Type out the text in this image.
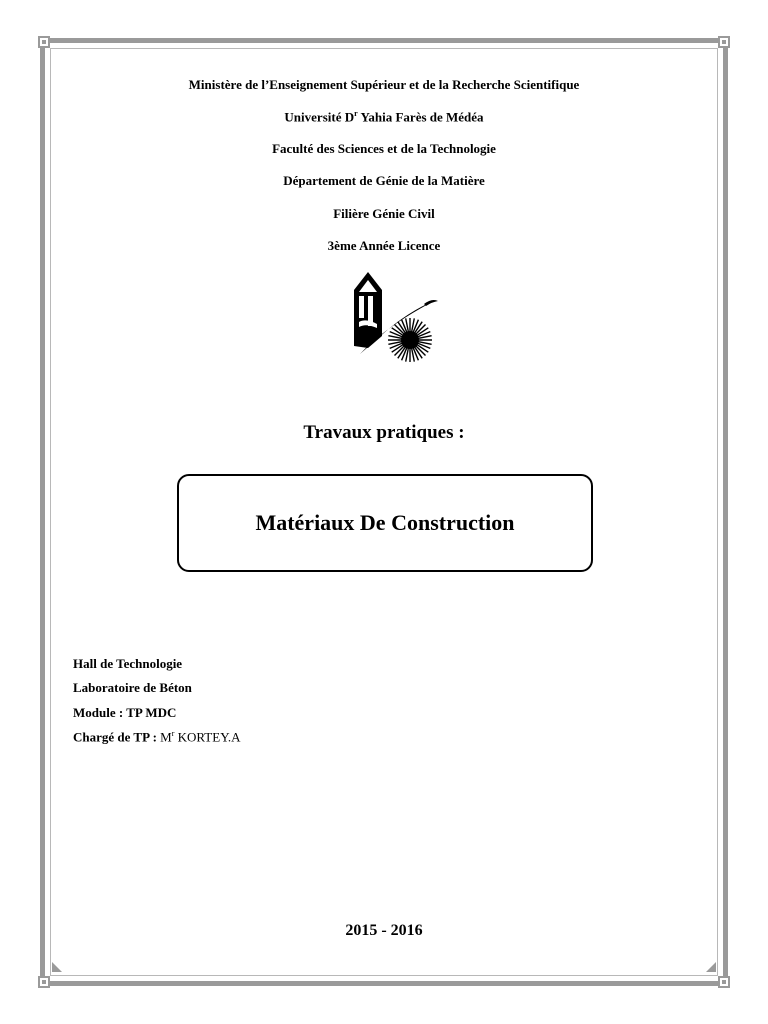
Ministère de l’Enseignement Supérieur et de la Recherche Scientifique
Université $D^r$ Yahia Farès de Médéa
Faculté des Sciences et de la Technologie
Département de Génie de la Matière
Filière Génie Civil
3ème Année Licence
Travaux pratiques :
Matériaux De Construction
Hall de Technologie
Laboratoire de Béton
Module : TP MDC
Chargé de TP : $M^r$ KORTEY.A
2015 - 2016
